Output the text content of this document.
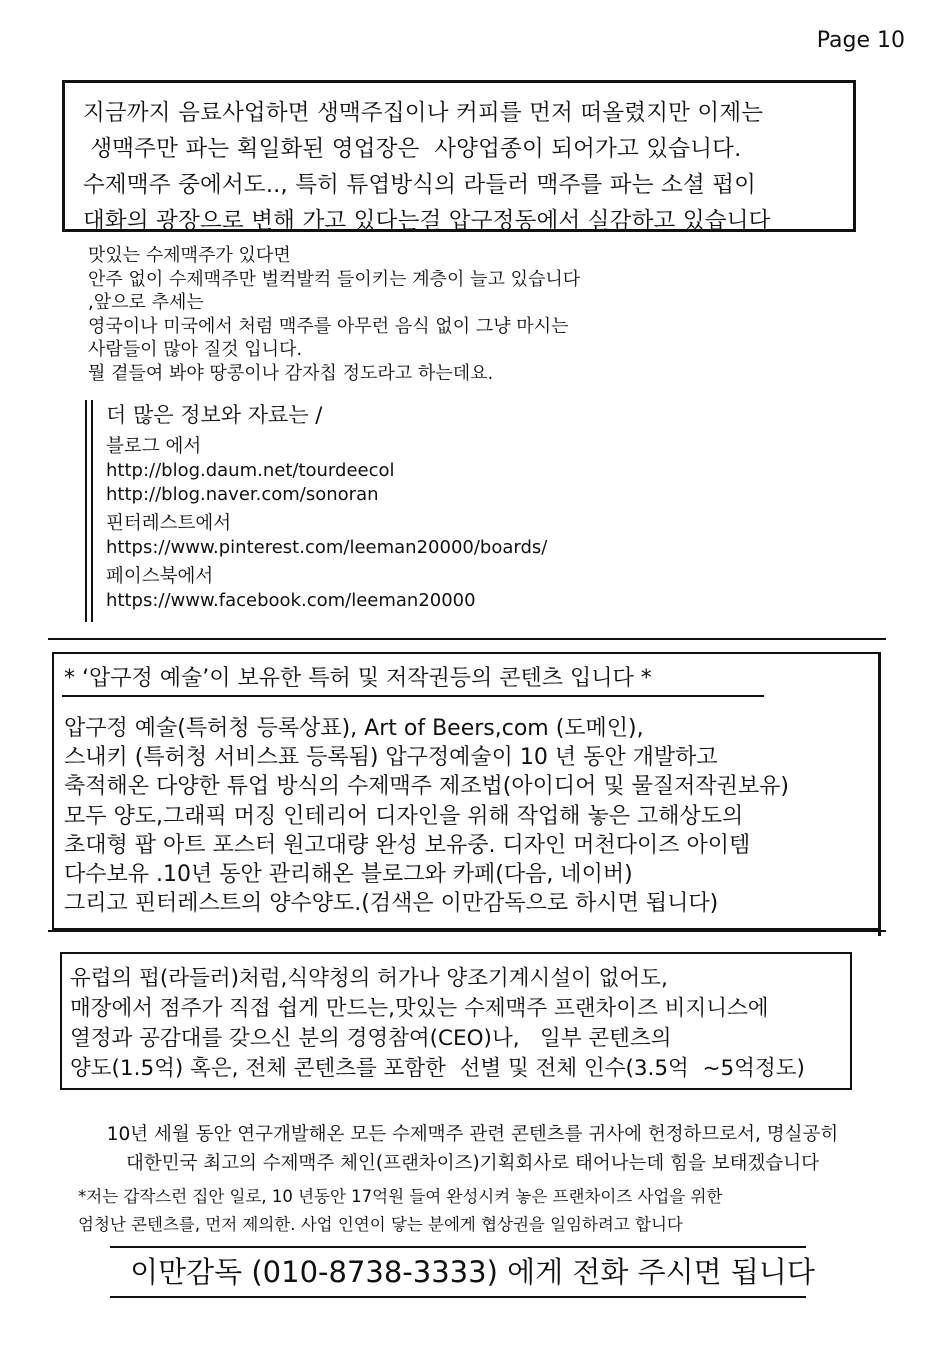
Page 10
지금까지 음료사업하면 생맥주집이나 커피를 먼저 떠올렸지만 이제는
생맥주만 파는 획일화된 영업장은  사양업종이 되어가고 있습니다.
수제맥주 중에서도.., 특히 튜엽방식의 라들러 맥주를 파는 소셜 펍이
대화의 광장으로 변해 가고 있다는걸 압구정동에서 실감하고 있습니다
맛있는 수제맥주가 있다면
안주 없이 수제맥주만 벌컥발컥 들이키는 계층이 늘고 있습니다
,앞으로 추세는
영국이나 미국에서 처럼 맥주를 아무런 음식 없이 그냥 마시는
사람들이 많아 질것 입니다.
뭘 곁들여 봐야 땅콩이나 감자칩 정도라고 하는데요.
더 많은 정보와 자료는 /
블로그 에서
http://blog.daum.net/tourdeecol
http://blog.naver.com/sonoran
핀터레스트에서
https://www.pinterest.com/leeman20000/boards/
페이스북에서
https://www.facebook.com/leeman20000
* ‘압구정 예술’이 보유한 특허 및 저작권등의 콘텐츠 입니다 *
압구정 예술(특허청 등록상표), Art of Beers,com (도메인),
스내키 (특허청 서비스표 등록됨) 압구정예술이 10 년 동안 개발하고
축적해온 다양한 튜업 방식의 수제맥주 제조법(아이디어 및 물질저작권보유)
모두 양도,그래픽 머징 인테리어 디자인을 위해 작업해 놓은 고해상도의
초대형 팝 아트 포스터 원고대량 완성 보유중. 디자인 머천다이즈 아이템
다수보유 .10년 동안 관리해온 블로그와 카페(다음, 네이버)
그리고 핀터레스트의 양수양도.(검색은 이만감독으로 하시면 됩니다)
유럽의 펍(라들러)처럼,식약청의 허가나 양조기계시설이 없어도,
매장에서 점주가 직접 쉽게 만드는,맛있는 수제맥주 프랜차이즈 비지니스에
열정과 공감대를 갖으신 분의 경영참여(CEO)나,   일부 콘텐츠의
양도(1.5억) 혹은, 전체 콘텐츠를 포함한  선별 및 전체 인수(3.5억  ~5억정도)
10년 세월 동안 연구개발해온 모든 수제맥주 관련 콘텐츠를 귀사에 헌정하므로서, 명실공히
대한민국 최고의 수제맥주 체인(프랜차이즈)기획회사로 태어나는데 힘을 보태겠습니다
*저는 갑작스런 집안 일로, 10 년동안 17억원 들여 완성시켜 놓은 프랜차이즈 사업을 위한
엄청난 콘텐츠를, 먼저 제의한. 사업 인연이 닿는 분에게 협상권을 일임하려고 합니다
이만감독 (010-8738-3333) 에게 전화 주시면 됩니다
